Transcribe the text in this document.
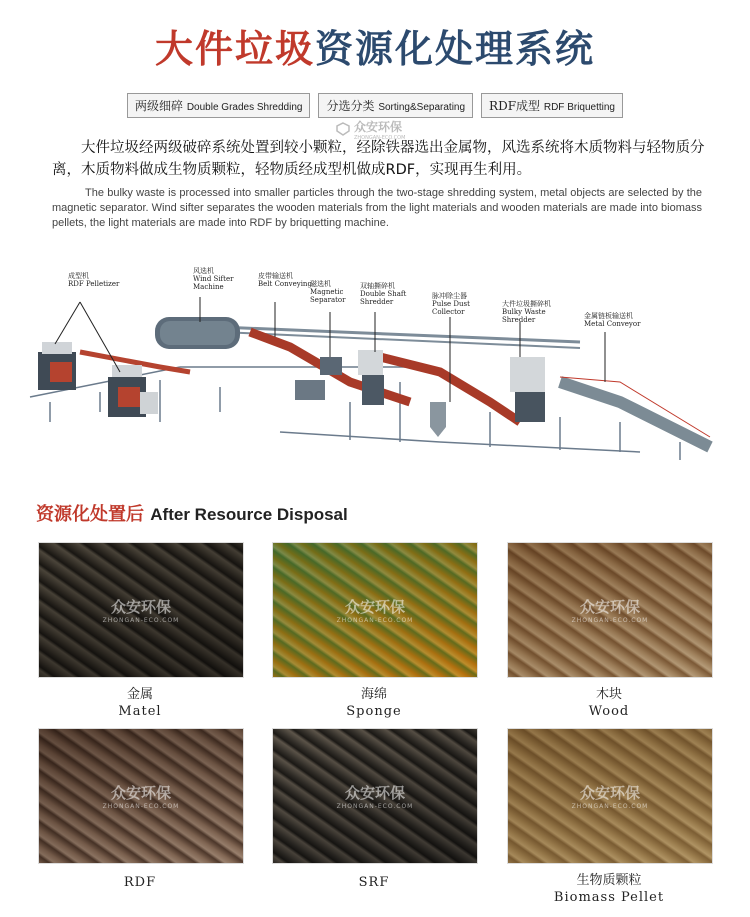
大件垃圾资源化处理系统
两级细碎 Double Grades Shredding	分选分类 Sorting&Separating	RDF成型 RDF Briquetting
众安环保
ZHONGAN-ECO.COM
大件垃圾经两级破碎系统处置到较小颗粒，经除铁器选出金属物，风选系统将木质物料与轻物质分离，木质物料做成生物质颗粒，轻物质经成型机做成RDF，实现再生利用。
The bulky waste is processed into smaller particles through the two-stage shredding system, metal objects are selected by the magnetic separator. Wind sifter separates the wooden materials from the light materials and wooden materials are made into biomass pellets, the light materials are made into RDF by briquetting machine.
成型机
RDF Pelletizer
风选机
Wind Sifter Machine
皮带输送机
Belt Conveying
磁选机
Magnetic Separator
双轴撕碎机
Double Shaft Shredder
脉冲除尘器
Pulse Dust Collector
大件垃圾撕碎机
Bulky Waste Shredder	金属链板输送机
Metal Conveyor
资源化处置后 After Resource Disposal
众安环保
ZHONGAN-ECO.COM
众安环保
ZHONGAN-ECO.COM
众安环保
ZHONGAN-ECO.COM
众安环保
ZHONGAN-ECO.COM
众安环保
ZHONGAN-ECO.COM
众安环保
ZHONGAN-ECO.COM
金属
Matel
海绵
Sponge
木块
Wood
RDF	SRF	生物质颗粒
Biomass Pellet
